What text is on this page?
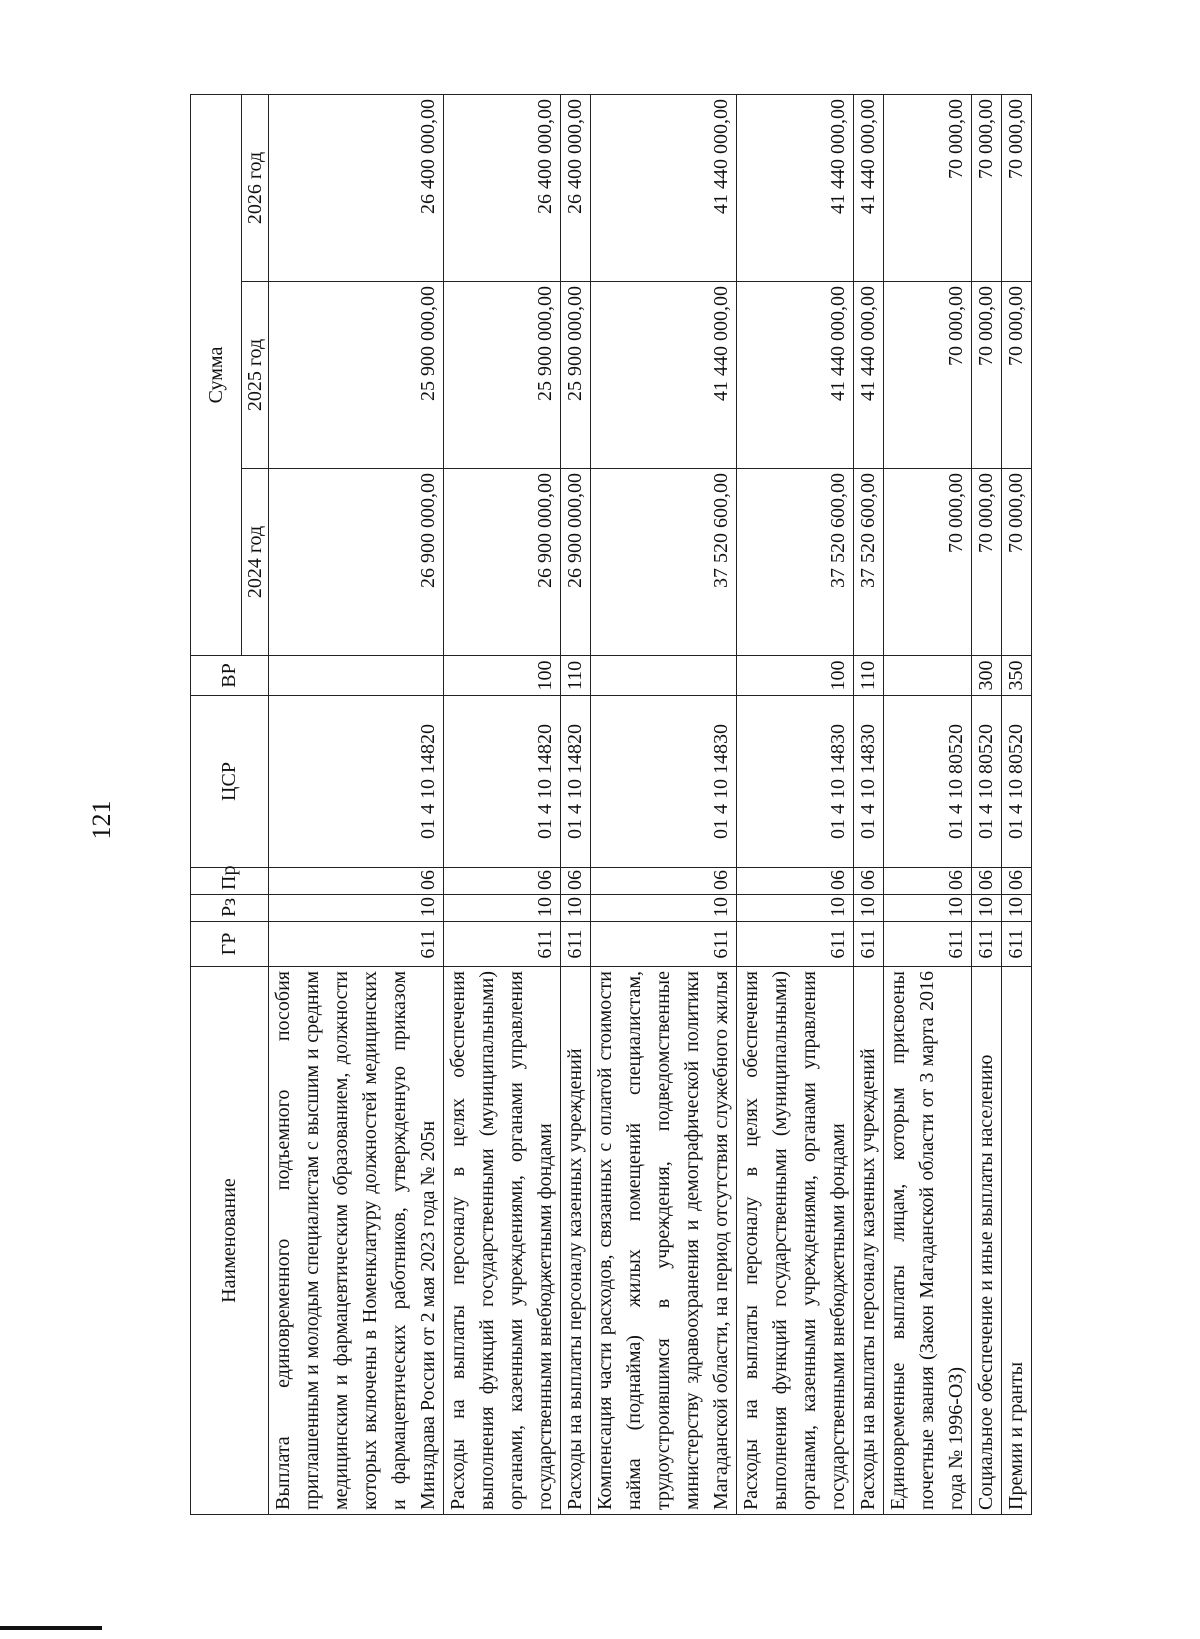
121
Наименование	ГР	Рз	Пр	ЦСР	ВР	Сумма		
						2024 год	2025 год	2026 год
Выплата единовременного подъемного пособия приглашенным и молодым специалистам с высшим и средним медицинским и фармацевтическим образованием, должности которых включены в Номенклатуру должностей медицинских и фармацевтических работников, утвержденную приказом Минздрава России от 2 мая 2023 года № 205н	611	10	06	01 4 10 14820		26 900 000,00	25 900 000,00	26 400 000,00
Расходы на выплаты персоналу в целях обеспечения выполнения функций государственными (муниципальными) органами, казенными учреждениями, органами управления государственными внебюджетными фондами	611	10	06	01 4 10 14820	100	26 900 000,00	25 900 000,00	26 400 000,00
Расходы на выплаты персоналу казенных учреждений	611	10	06	01 4 10 14820	110	26 900 000,00	25 900 000,00	26 400 000,00
Компенсация части расходов, связанных с оплатой стоимости найма (поднайма) жилых помещений специалистам, трудоустроившимся в учреждения, подведомственные министерству здравоохранения и демографической политики Магаданской области, на период отсутствия служебного жилья	611	10	06	01 4 10 14830		37 520 600,00	41 440 000,00	41 440 000,00
Расходы на выплаты персоналу в целях обеспечения выполнения функций государственными (муниципальными) органами, казенными учреждениями, органами управления государственными внебюджетными фондами	611	10	06	01 4 10 14830	100	37 520 600,00	41 440 000,00	41 440 000,00
Расходы на выплаты персоналу казенных учреждений	611	10	06	01 4 10 14830	110	37 520 600,00	41 440 000,00	41 440 000,00
Единовременные выплаты лицам, которым присвоены почетные звания (Закон Магаданской области от 3 марта 2016 года № 1996-ОЗ)	611	10	06	01 4 10 80520		70 000,00	70 000,00	70 000,00
Социальное обеспечение и иные выплаты населению	611	10	06	01 4 10 80520	300	70 000,00	70 000,00	70 000,00
Премии и гранты	611	10	06	01 4 10 80520	350	70 000,00	70 000,00	70 000,00
